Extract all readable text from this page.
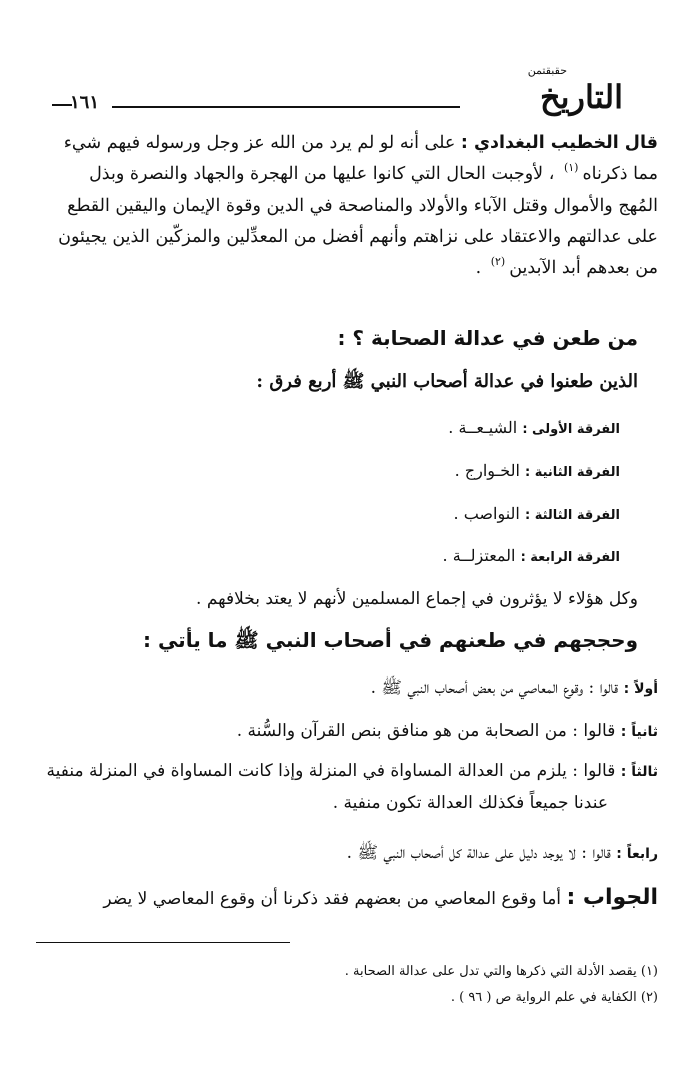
حقبقتمن
التاريخ
١٦١
قال الخطيب البغدادي : على أنه لو لم يرد من الله عز وجل ورسوله فيهم شيء
مما ذكرناه$^{(١)}$ ، لأوجبت الحال التي كانوا عليها من الهجرة والجهاد والنصرة وبذل
المُهج والأموال وقتل الآباء والأولاد والمناصحة في الدين وقوة الإيمان واليقين القطع
على عدالتهم والاعتقاد على نزاهتم وأنهم أفضل من المعدِّلين والمزكّين الذين يجيئون
من بعدهم أبد الآبدين$^{(٢)}$ .
من طعن في عدالة الصحابة ؟ :
الذين طعنوا في عدالة أصحاب النبي ﷺ أربع فرق :
الفرقة الأولى : الشيـعــة .
الفرقة الثانية : الخـوارج .
الفرقة الثالثة : النواصب .
الفرقة الرابعة : المعتزلــة .
وكل هؤلاء لا يؤثرون في إجماع المسلمين لأنهم لا يعتد بخلافهم .
وحججهم في طعنهم في أصحاب النبي ﷺ ما يأتي :
أولاً : قالوا : وقوع المعاصي من بعض أصحاب النبي ﷺ .
ثانياً : قالوا : من الصحابة من هو منافق بنص القرآن والسُّنة .
ثالثاً : قالوا : يلزم من العدالة المساواة في المنزلة وإذا كانت المساواة في المنزلة منفية
عندنا جميعاً فكذلك العدالة تكون منفية .
رابعاً : قالوا : لا يوجد دليل على عدالة كل أصحاب النبي ﷺ .
الجواب : أما وقوع المعاصي من بعضهم فقد ذكرنا أن وقوع المعاصي لا يضر
(١) يقصد الأدلة التي ذكرها والتي تدل على عدالة الصحابة .
(٢) الكفاية في علم الرواية ص ( ٩٦ ) .
